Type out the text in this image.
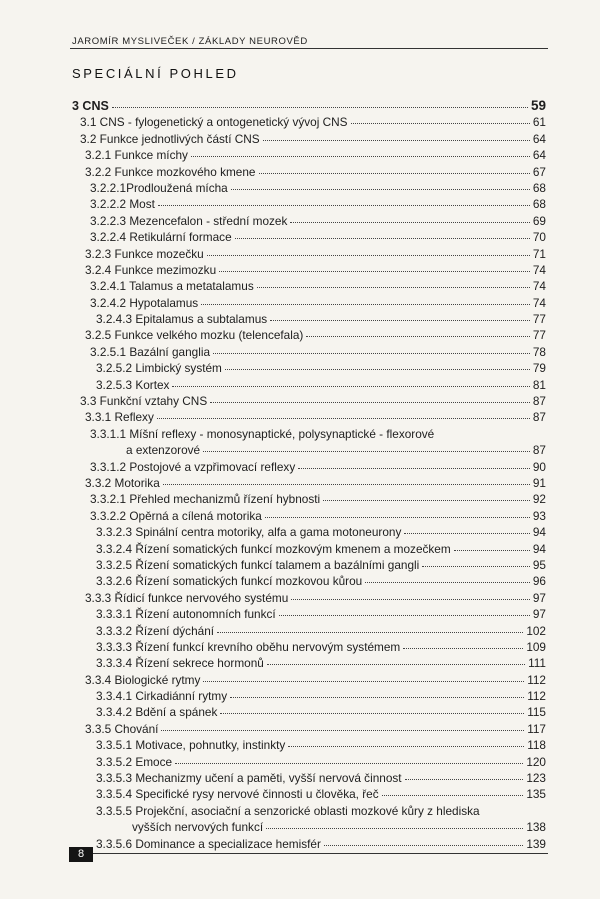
JAROMÍR MYSLIVEČEK / ZÁKLADY NEUROVĚD
SPECIÁLNÍ POHLED
3 CNS	59
3.1 CNS - fylogenetický a ontogenetický vývoj CNS	61
3.2 Funkce jednotlivých částí CNS	64
3.2.1 Funkce míchy	64
3.2.2 Funkce mozkového kmene	67
3.2.2.1Prodloužená mícha	68
3.2.2.2 Most	68
3.2.2.3 Mezencefalon - střední mozek	69
3.2.2.4 Retikulární formace	70
3.2.3 Funkce mozečku	71
3.2.4 Funkce mezimozku	74
3.2.4.1 Talamus a metatalamus	74
3.2.4.2 Hypotalamus	74
3.2.4.3 Epitalamus a subtalamus	77
3.2.5 Funkce velkého mozku (telencefala)	77
3.2.5.1 Bazální ganglia	78
3.2.5.2 Limbický systém	79
3.2.5.3 Kortex	81
3.3 Funkční vztahy CNS	87
3.3.1 Reflexy	87
3.3.1.1 Míšní reflexy - monosynaptické, polysynaptické - flexorové
a extenzorové	87
3.3.1.2 Postojové a vzpřimovací reflexy	90
3.3.2 Motorika	91
3.3.2.1 Přehled mechanizmů řízení hybnosti	92
3.3.2.2 Opěrná a cílená motorika	93
3.3.2.3 Spinální centra motoriky, alfa a gama motoneurony	94
3.3.2.4 Řízení somatických funkcí mozkovým kmenem a mozečkem	94
3.3.2.5 Řízení somatických funkcí talamem a bazálními gangli	95
3.3.2.6 Řízení somatických funkcí mozkovou kůrou	96
3.3.3 Řídicí funkce nervového systému	97
3.3.3.1 Řízení autonomních funkcí	97
3.3.3.2 Řízení dýchání	102
3.3.3.3 Řízení funkcí krevního oběhu nervovým systémem	109
3.3.3.4 Řízení sekrece hormonů	111
3.3.4 Biologické rytmy	112
3.3.4.1 Cirkadiánní rytmy	112
3.3.4.2 Bdění a spánek	115
3.3.5 Chování	117
3.3.5.1 Motivace, pohnutky, instinkty	118
3.3.5.2 Emoce	120
3.3.5.3 Mechanizmy učení a paměti, vyšší nervová činnost	123
3.3.5.4 Specifické rysy nervové činnosti u člověka, řeč	135
3.3.5.5 Projekční, asociační a senzorické oblasti mozkové kůry z hlediska
vyšších nervových funkcí	138
3.3.5.6 Dominance a specializace hemisfér	139
8
